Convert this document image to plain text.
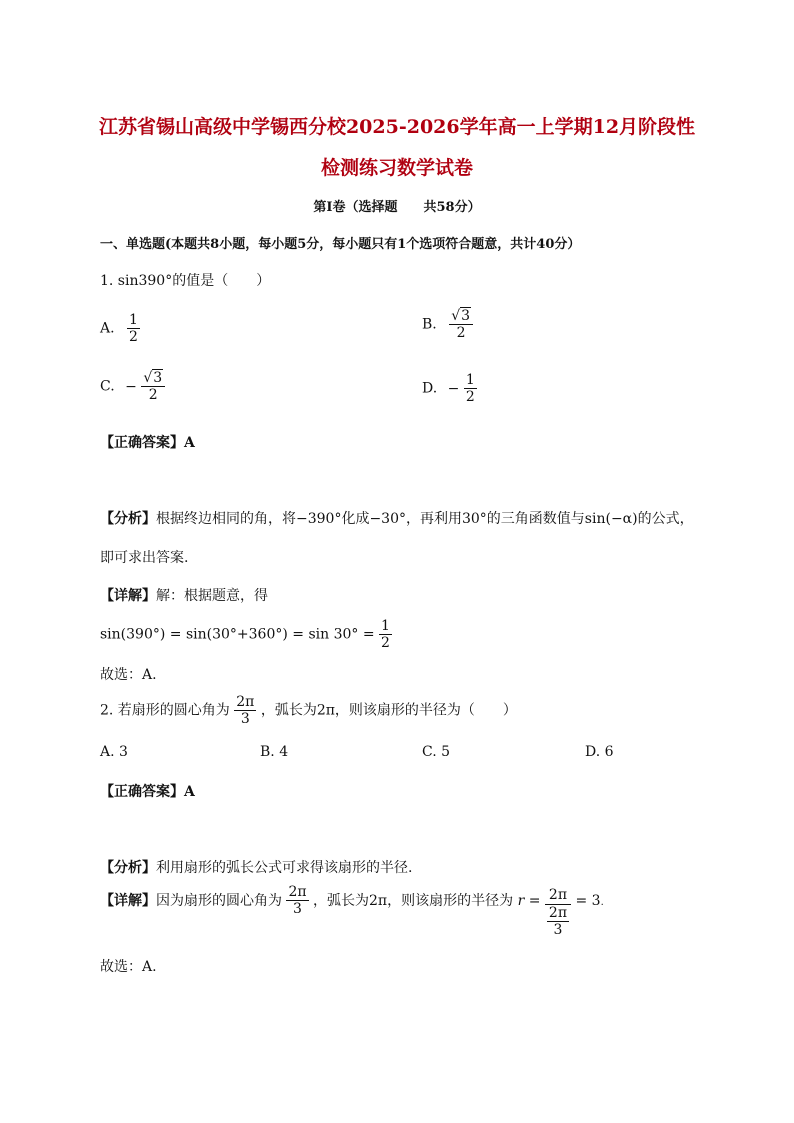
江苏省锡山高级中学锡西分校2025-2026学年高一上学期12月阶段性
检测练习数学试卷
第I卷（选择题　　共58分）
一、单选题(本题共8小题，每小题5分，每小题只有1个选项符合题意，共计40分）
1. sin390°的值是（　　）
A. $\frac{1}{2}$	B. $\frac{√3}{2}$
C. − $\frac{√3}{2}$	D. − $\frac{1}{2}$
【正确答案】A
【分析】根据终边相同的角，将−390°化成−30°，再利用30°的三角函数值与sin(−α)的公式，
即可求出答案.
【详解】解：根据题意，得
$\sin(390^\circ) = \sin(30^\circ+360^\circ) = \sin 30^\circ = \frac{1}{2}$
故选：A.
2. 若扇形的圆心角为 $\frac{2\pi}{3}$ ，弧长为2π，则该扇形的半径为（　　）
A. 3	B. 4	C. 5	D. 6
【正确答案】A
【分析】利用扇形的弧长公式可求得该扇形的半径.
【详解】因为扇形的圆心角为 $\frac{2\pi}{3}$ ，弧长为2π，则该扇形的半径为 $r = \frac{2\pi}{\frac{2\pi}{3}} = 3$.
故选：A.
